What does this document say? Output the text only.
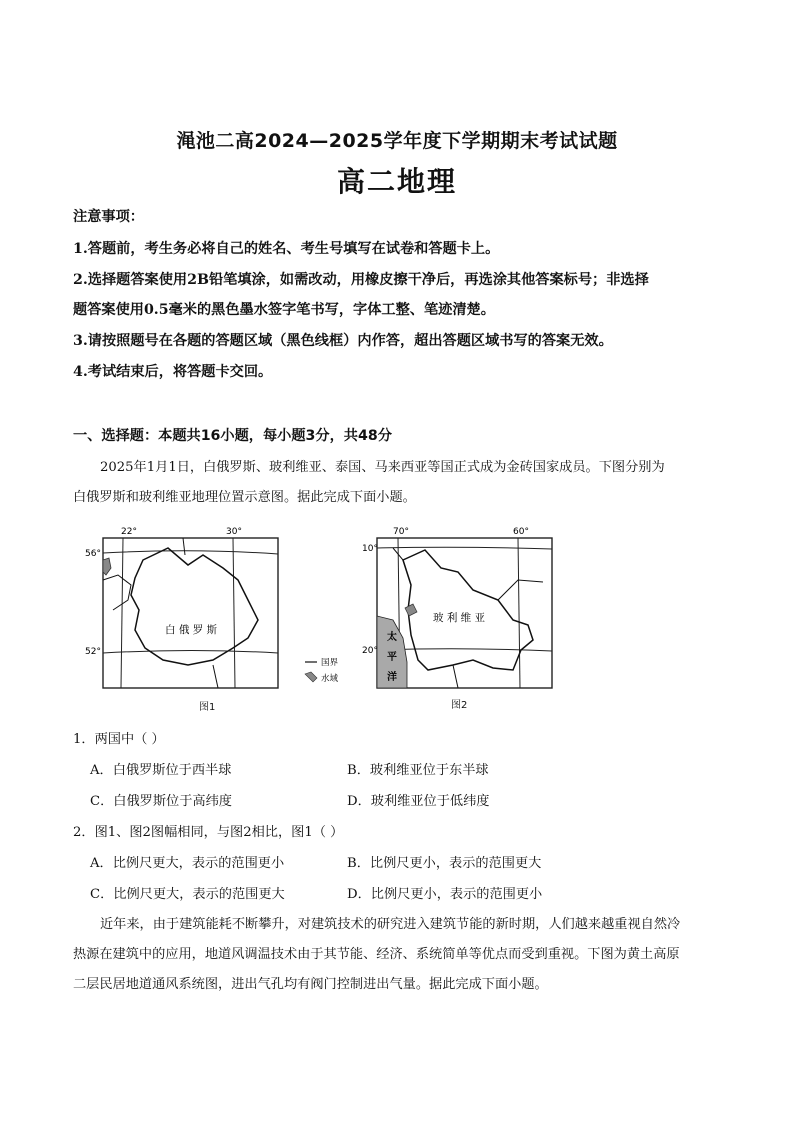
渑池二高2024—2025学年度下学期期末考试试题
高二地理
注意事项：
1.答题前，考生务必将自己的姓名、考生号填写在试卷和答题卡上。
2.选择题答案使用2B铅笔填涂，如需改动，用橡皮擦干净后，再选涂其他答案标号；非选择
题答案使用0.5毫米的黑色墨水签字笔书写，字体工整、笔迹清楚。
3.请按照题号在各题的答题区域（黑色线框）内作答，超出答题区域书写的答案无效。
4.考试结束后，将答题卡交回。
一、选择题：本题共16小题，每小题3分，共48分
2025年1月1日，白俄罗斯、玻利维亚、泰国、马来西亚等国正式成为金砖国家成员。下图分别为
白俄罗斯和玻利维亚地理位置示意图。据此完成下面小题。
22°	30°
56°
52°
白 俄 罗 斯
国界
水域
70°	60°
10°
20°
玻 利 维 亚
太
平
洋
图1	图2
1．两国中（ ）
A．白俄罗斯位于西半球	B．玻利维亚位于东半球
C．白俄罗斯位于高纬度	D．玻利维亚位于低纬度
2．图1、图2图幅相同，与图2相比，图1（ ）
A．比例尺更大，表示的范围更小	B．比例尺更小，表示的范围更大
C．比例尺更大，表示的范围更大	D．比例尺更小，表示的范围更小
近年来，由于建筑能耗不断攀升，对建筑技术的研究进入建筑节能的新时期，人们越来越重视自然冷
热源在建筑中的应用，地道风调温技术由于其节能、经济、系统简单等优点而受到重视。下图为黄土高原
二层民居地道通风系统图，进出气孔均有阀门控制进出气量。据此完成下面小题。
